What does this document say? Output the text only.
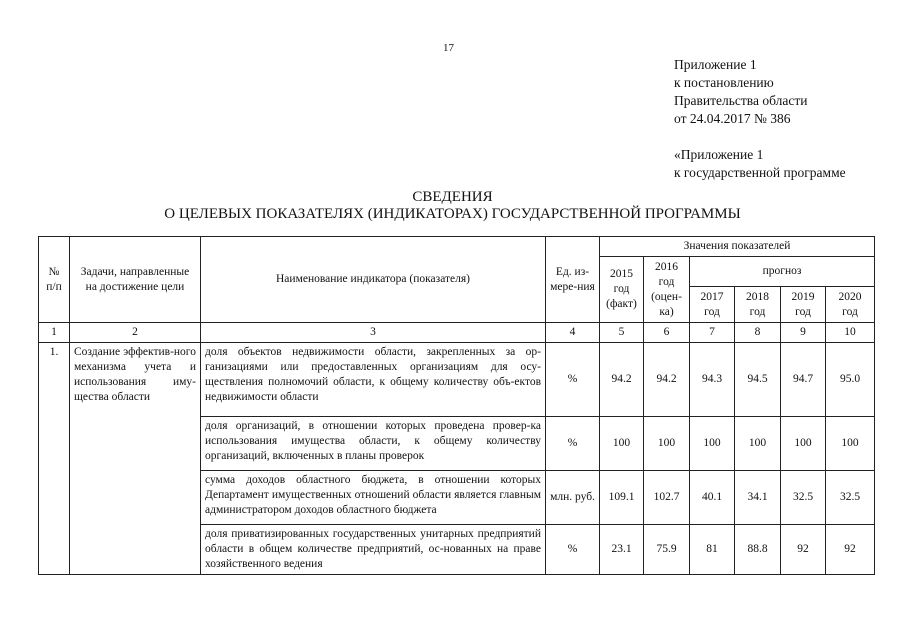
17
Приложение 1
к постановлению
Правительства области
от 24.04.2017 № 386
«Приложение 1
к государственной программе
СВЕДЕНИЯ
О ЦЕЛЕВЫХ ПОКАЗАТЕЛЯХ (ИНДИКАТОРАХ) ГОСУДАРСТВЕННОЙ ПРОГРАММЫ
№ п/п	Задачи, направленные на достижение цели	Наименование индикатора (показателя)	Ед. из-мере-ния	Значения показателей					
				2015 год (факт)	2016 год (оцен-ка)	прогноз			
						2017 год	2018 год	2019 год	2020 год
1	2	3	4	5	6	7	8	9	10
1.	Создание эффектив-ного механизма учета и использования иму-щества области	доля объектов недвижимости области, закрепленных за ор-ганизациями или предоставленных организациям для осу-ществления полномочий области, к общему количеству объ-ектов недвижимости области	%	94.2	94.2	94.3	94.5	94.7	95.0
		доля организаций, в отношении которых проведена провер-ка использования имущества области, к общему количеству организаций, включенных в планы проверок	%	100	100	100	100	100	100
		сумма доходов областного бюджета, в отношении которых Департамент имущественных отношений области является главным администратором доходов областного бюджета	млн. руб.	109.1	102.7	40.1	34.1	32.5	32.5
		доля приватизированных государственных унитарных предприятий области в общем количестве предприятий, ос-нованных на праве хозяйственного ведения	%	23.1	75.9	81	88.8	92	92
